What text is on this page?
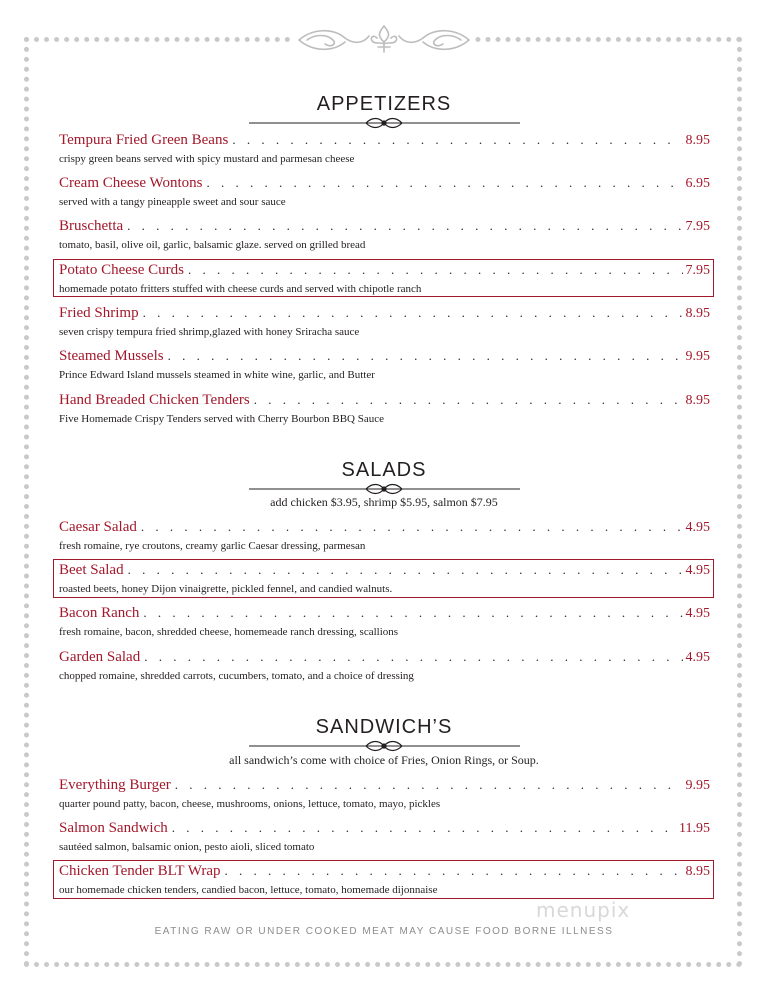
APPETIZERS
Tempura Fried Green Beans . . .	8.95
crispy green beans served with spicy mustard and parmesan cheese
Cream Cheese Wontons . . .	6.95
served with a tangy pineapple sweet and sour sauce
Bruschetta . . .	7.95
tomato, basil, olive oil, garlic, balsamic glaze. served on grilled bread
Potato Cheese Curds . . .	7.95
homemade potato fritters stuffed with cheese curds and served with chipotle ranch
Fried Shrimp . . .	8.95
seven crispy tempura fried shrimp,glazed with honey Sriracha sauce
Steamed Mussels . . .	9.95
Prince Edward Island mussels steamed in white wine, garlic, and Butter
Hand Breaded Chicken Tenders . . .	8.95
Five Homemade Crispy Tenders served with Cherry Bourbon BBQ Sauce
SALADS
add chicken $3.95, shrimp $5.95, salmon $7.95
Caesar Salad . . .	4.95
fresh romaine, rye croutons, creamy garlic Caesar dressing, parmesan
Beet Salad . . .	4.95
roasted beets, honey Dijon vinaigrette, pickled fennel, and candied walnuts.
Bacon Ranch . . .	4.95
fresh romaine, bacon, shredded cheese, homemeade ranch dressing, scallions
Garden Salad . . .	4.95
chopped romaine, shredded carrots, cucumbers, tomato, and a choice of dressing
SANDWICH’S
all sandwich’s come with choice of Fries, Onion Rings, or Soup.
Everything Burger . . .	9.95
quarter pound patty, bacon, cheese, mushrooms, onions, lettuce, tomato, mayo, pickles
Salmon Sandwich . . .	11.95
sautéed salmon, balsamic onion, pesto aioli, sliced tomato
Chicken Tender BLT Wrap . . .	8.95
our homemade chicken tenders, candied bacon, lettuce, tomato, homemade dijonnaise
menupix
EATING RAW OR UNDER COOKED MEAT MAY CAUSE FOOD BORNE ILLNESS
